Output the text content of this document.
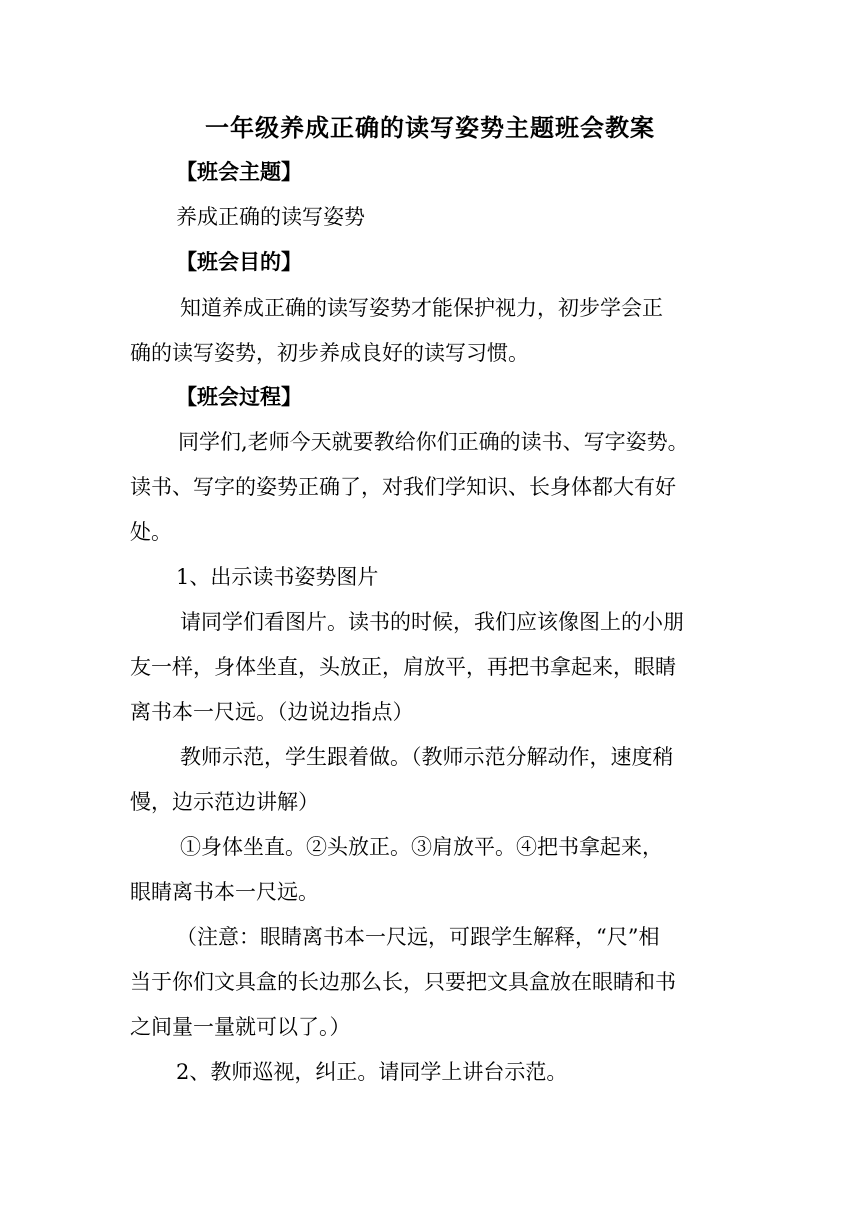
一年级养成正确的读写姿势主题班会教案
【班会主题】
养成正确的读写姿势
【班会目的】
知道养成正确的读写姿势才能保护视力，初步学会正
确的读写姿势，初步养成良好的读写习惯。
【班会过程】
同学们,老师今天就要教给你们正确的读书、写字姿势。
读书、写字的姿势正确了，对我们学知识、长身体都大有好
处。
1、出示读书姿势图片
请同学们看图片。读书的时候，我们应该像图上的小朋
友一样，身体坐直，头放正，肩放平，再把书拿起来，眼睛
离书本一尺远。（边说边指点）
教师示范，学生跟着做。（教师示范分解动作，速度稍
慢，边示范边讲解）
①身体坐直。②头放正。③肩放平。④把书拿起来，
眼睛离书本一尺远。
（注意：眼睛离书本一尺远，可跟学生解释，“尺”相
当于你们文具盒的长边那么长，只要把文具盒放在眼睛和书
之间量一量就可以了。）
2、教师巡视，纠正。请同学上讲台示范。
